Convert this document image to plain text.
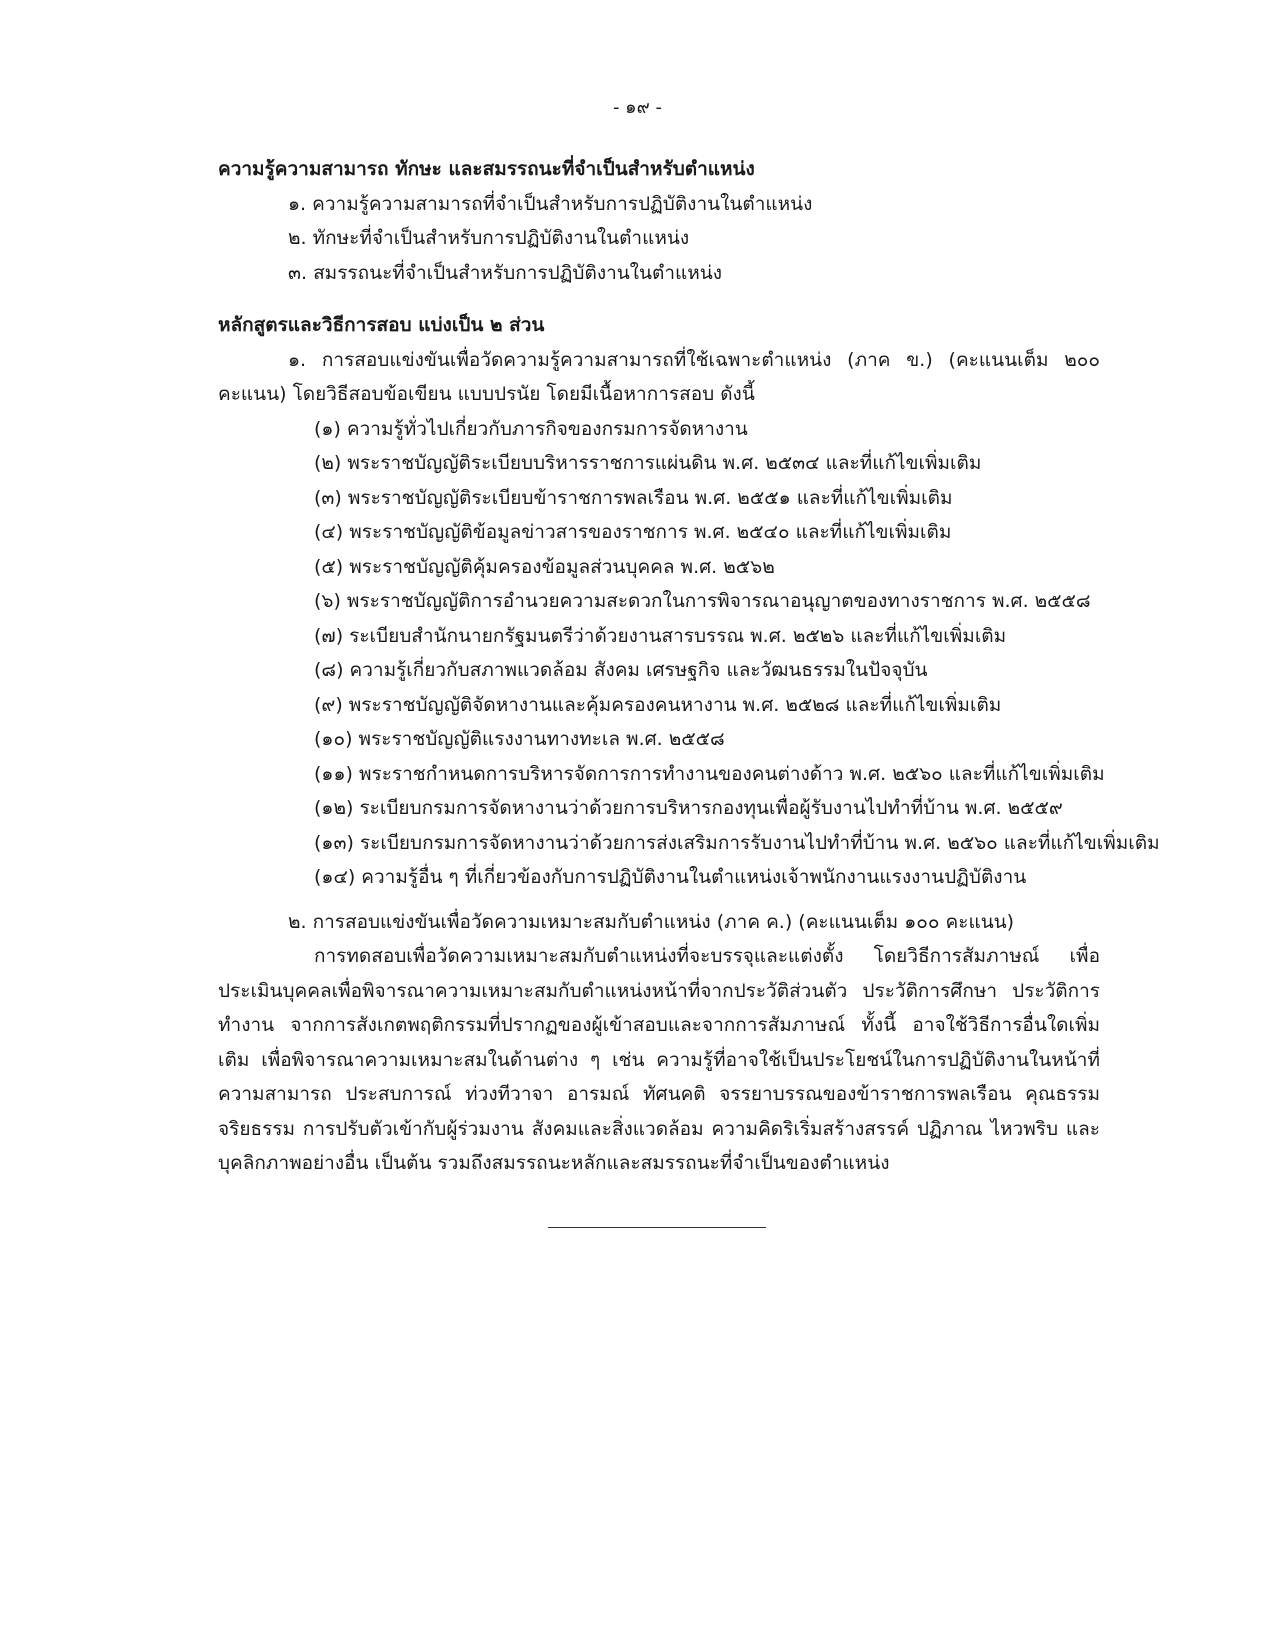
- ๑๙ -

ความรู้ความสามารถ ทักษะ และสมรรถนะที่จำเป็นสำหรับตำแหน่ง

๑. ความรู้ความสามารถที่จำเป็นสำหรับการปฏิบัติงานในตำแหน่ง
๒. ทักษะที่จำเป็นสำหรับการปฏิบัติงานในตำแหน่ง
๓. สมรรถนะที่จำเป็นสำหรับการปฏิบัติงานในตำแหน่ง

หลักสูตรและวิธีการสอบ แบ่งเป็น ๒ ส่วน

๑. การสอบแข่งขันเพื่อวัดความรู้ความสามารถที่ใช้เฉพาะตำแหน่ง (ภาค ข.) (คะแนนเต็ม ๒๐๐ คะแนน) โดยวิธีสอบข้อเขียน แบบปรนัย โดยมีเนื้อหาการสอบ ดังนี้

(๑) ความรู้ทั่วไปเกี่ยวกับภารกิจของกรมการจัดหางาน
(๒) พระราชบัญญัติระเบียบบริหารราชการแผ่นดิน พ.ศ. ๒๕๓๔ และที่แก้ไขเพิ่มเติม
(๓) พระราชบัญญัติระเบียบข้าราชการพลเรือน พ.ศ. ๒๕๕๑ และที่แก้ไขเพิ่มเติม
(๔) พระราชบัญญัติข้อมูลข่าวสารของราชการ พ.ศ. ๒๕๔๐ และที่แก้ไขเพิ่มเติม
(๕) พระราชบัญญัติคุ้มครองข้อมูลส่วนบุคคล พ.ศ. ๒๕๖๒
(๖) พระราชบัญญัติการอำนวยความสะดวกในการพิจารณาอนุญาตของทางราชการ พ.ศ. ๒๕๕๘
(๗) ระเบียบสำนักนายกรัฐมนตรีว่าด้วยงานสารบรรณ พ.ศ. ๒๕๒๖ และที่แก้ไขเพิ่มเติม
(๘) ความรู้เกี่ยวกับสภาพแวดล้อม สังคม เศรษฐกิจ และวัฒนธรรมในปัจจุบัน
(๙) พระราชบัญญัติจัดหางานและคุ้มครองคนหางาน พ.ศ. ๒๕๒๘ และที่แก้ไขเพิ่มเติม
(๑๐) พระราชบัญญัติแรงงานทางทะเล พ.ศ. ๒๕๕๘
(๑๑) พระราชกำหนดการบริหารจัดการการทำงานของคนต่างด้าว พ.ศ. ๒๕๖๐ และที่แก้ไขเพิ่มเติม
(๑๒) ระเบียบกรมการจัดหางานว่าด้วยการบริหารกองทุนเพื่อผู้รับงานไปทำที่บ้าน พ.ศ. ๒๕๕๙
(๑๓) ระเบียบกรมการจัดหางานว่าด้วยการส่งเสริมการรับงานไปทำที่บ้าน พ.ศ. ๒๕๖๐ และที่แก้ไขเพิ่มเติม
(๑๔) ความรู้อื่น ๆ ที่เกี่ยวข้องกับการปฏิบัติงานในตำแหน่งเจ้าพนักงานแรงงานปฏิบัติงาน
๒. การสอบแข่งขันเพื่อวัดความเหมาะสมกับตำแหน่ง (ภาค ค.) (คะแนนเต็ม ๑๐๐ คะแนน)

การทดสอบเพื่อวัดความเหมาะสมกับตำแหน่งที่จะบรรจุและแต่งตั้ง โดยวิธีการสัมภาษณ์ เพื่อประเมินบุคคลเพื่อพิจารณาความเหมาะสมกับตำแหน่งหน้าที่จากประวัติส่วนตัว ประวัติการศึกษา ประวัติการทำงาน จากการสังเกตพฤติกรรมที่ปรากฏของผู้เข้าสอบและจากการสัมภาษณ์ ทั้งนี้ อาจใช้วิธีการอื่นใดเพิ่มเติม เพื่อพิจารณาความเหมาะสมในด้านต่าง ๆ เช่น ความรู้ที่อาจใช้เป็นประโยชน์ในการปฏิบัติงานในหน้าที่ ความสามารถ ประสบการณ์ ท่วงทีวาจา อารมณ์ ทัศนคติ จรรยาบรรณของข้าราชการพลเรือน คุณธรรม จริยธรรม การปรับตัวเข้ากับผู้ร่วมงาน สังคมและสิ่งแวดล้อม ความคิดริเริ่มสร้างสรรค์ ปฏิภาณ ไหวพริบ และบุคลิกภาพอย่างอื่น เป็นต้น รวมถึงสมรรถนะหลักและสมรรถนะที่จำเป็นของตำแหน่ง
